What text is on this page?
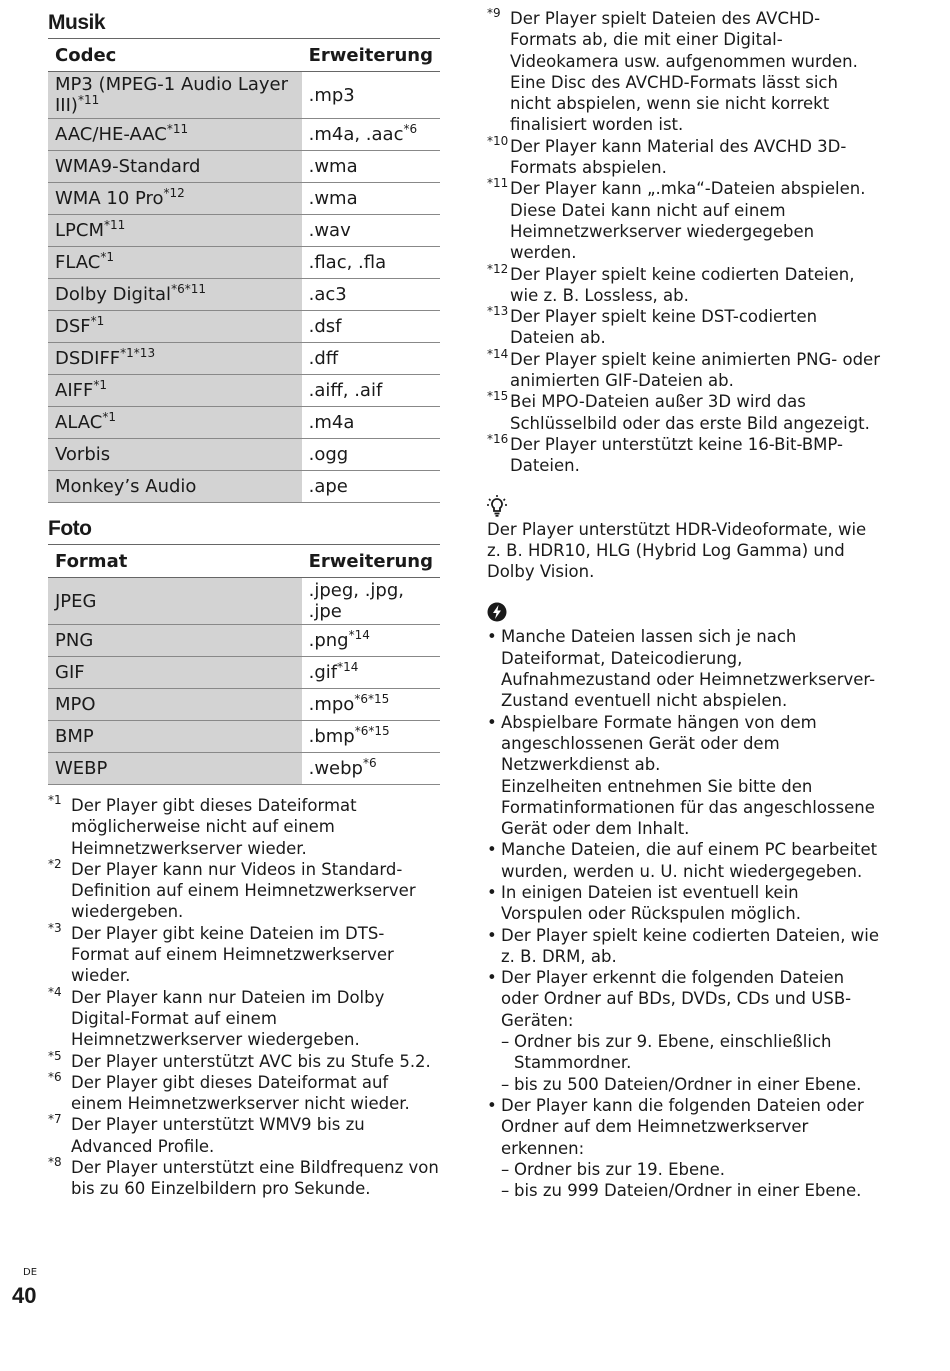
Musik
Codec	Erweiterung
MP3 (MPEG-1 Audio Layer III)$^{*11}$	.mp3
AAC/HE-AAC$^{*11}$	.m4a, .aac$^{*6}$
WMA9-Standard	.wma
WMA 10 Pro$^{*12}$	.wma
LPCM$^{*11}$	.wav
FLAC$^{*1}$	.flac, .fla
Dolby Digital$^{*6*11}$	.ac3
DSF$^{*1}$	.dsf
$DSDIFF^{*1*13}$	.dff
AIFF$^{*1}$	.aiff, .aif
ALAC$^{*1}$	.m4a
Vorbis	.ogg
Monkey’s Audio	.ape
Foto
Format	Erweiterung
JPEG	.jpeg, .jpg, .jpe
PNG	.png$^{*14}$
GIF	.gif$^{*14}$
MPO	.mpo$^{*6*15}$
BMP	.bmp$^{*6*15}$
WEBP	.webp$^{*6}$
*1 Der Player gibt dieses Dateiformat möglicherweise nicht auf einem Heimnetzwerkserver wieder.
*2 Der Player kann nur Videos in Standard-Definition auf einem Heimnetzwerkserver wiedergeben.
*3 Der Player gibt keine Dateien im DTS-Format auf einem Heimnetzwerkserver wieder.
*4 Der Player kann nur Dateien im Dolby Digital-Format auf einem Heimnetzwerkserver wiedergeben.
*5 Der Player unterstützt AVC bis zu Stufe 5.2.
*6 Der Player gibt dieses Dateiformat auf einem Heimnetzwerkserver nicht wieder.
*7 Der Player unterstützt WMV9 bis zu Advanced Profile.
*8 Der Player unterstützt eine Bildfrequenz von bis zu 60 Einzelbildern pro Sekunde.
*9 Der Player spielt Dateien des AVCHD-Formats ab, die mit einer Digital-Videokamera usw. aufgenommen wurden. Eine Disc des AVCHD-Formats lässt sich nicht abspielen, wenn sie nicht korrekt finalisiert worden ist.
*10 Der Player kann Material des AVCHD 3D-Formats abspielen.
*11 Der Player kann „.mka“-Dateien abspielen. Diese Datei kann nicht auf einem Heimnetzwerkserver wiedergegeben werden.
*12 Der Player spielt keine codierten Dateien, wie z. B. Lossless, ab.
*13 Der Player spielt keine DST-codierten Dateien ab.
*14 Der Player spielt keine animierten PNG- oder animierten GIF-Dateien ab.
*15 Bei MPO-Dateien außer 3D wird das Schlüsselbild oder das erste Bild angezeigt.
*16 Der Player unterstützt keine 16-Bit-BMP-Dateien.

Der Player unterstützt HDR-Videoformate, wie z. B. HDR10, HLG (Hybrid Log Gamma) und Dolby Vision.

• Manche Dateien lassen sich je nach Dateiformat, Dateicodierung, Aufnahmezustand oder Heimnetzwerkserver-Zustand eventuell nicht abspielen.
• Abspielbare Formate hängen von dem angeschlossenen Gerät oder dem Netzwerkdienst ab.
Einzelheiten entnehmen Sie bitte den Formatinformationen für das angeschlossene Gerät oder dem Inhalt.
• Manche Dateien, die auf einem PC bearbeitet wurden, werden u. U. nicht wiedergegeben.
• In einigen Dateien ist eventuell kein Vorspulen oder Rückspulen möglich.
• Der Player spielt keine codierten Dateien, wie z. B. DRM, ab.
• Der Player erkennt die folgenden Dateien oder Ordner auf BDs, DVDs, CDs und USB-Geräten:
– Ordner bis zur 9. Ebene, einschließlich Stammordner.
– bis zu 500 Dateien/Ordner in einer Ebene.
• Der Player kann die folgenden Dateien oder Ordner auf dem Heimnetzwerkserver erkennen:
– Ordner bis zur 19. Ebene.
– bis zu 999 Dateien/Ordner in einer Ebene.
DE
40
